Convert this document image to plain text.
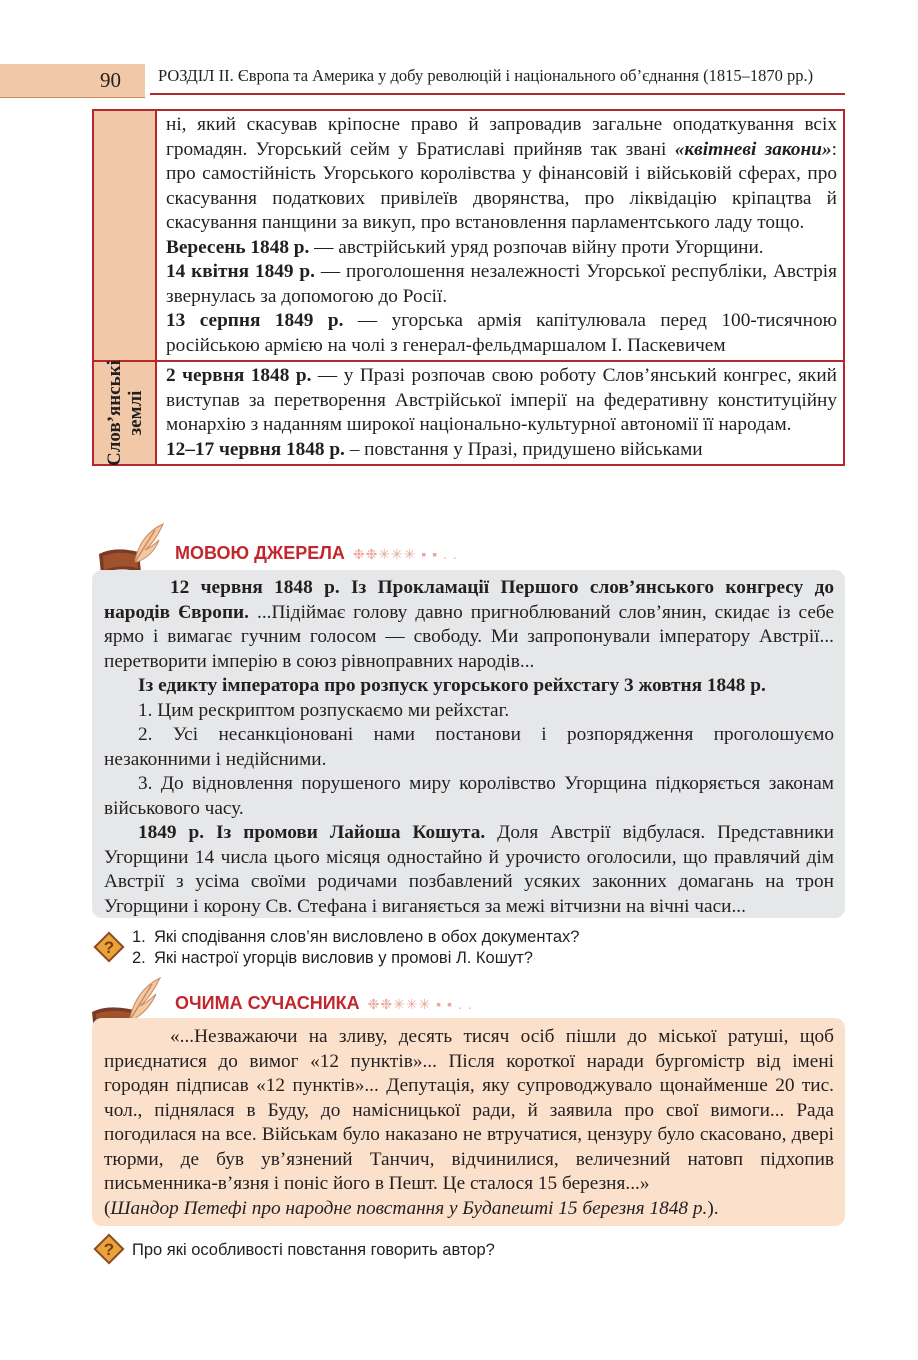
90 РОЗДІЛ ІІ. Європа та Америка у добу революцій і національного об’єднання (1815–1870 рр.)

ні, який скасував кріпосне право й запровадив загальне оподаткування всіх громадян. Угорський сейм у Братиславі прийняв так звані «квітневі закони»: про самостійність Угорського королівства у фінансовій і військовій сферах, про скасування податкових привілеїв дворянства, про ліквідацію кріпацтва й скасування панщини за викуп, про встановлення парламентського ладу тощо.

Вересень 1848 р. — австрійський уряд розпочав війну проти Угорщини.

14 квітня 1849 р. — проголошення незалежності Угорської республіки, Австрія звернулась за допомогою до Росії.

13 серпня 1849 р. — угорська армія капітулювала перед 100-тисячною російською армією на чолі з генерал-фельдмаршалом І. Паскевичем

Слов’янські землі

2 червня 1848 р. — у Празі розпочав свою роботу Слов’янський конгрес, який виступав за перетворення Австрійської імперії на федеративну конституційну монархію з наданням широкої національно-культурної автономії її народам.

12–17 червня 1848 р. – повстання у Празі, придушено військами

МОВОЮ ДЖЕРЕЛА ❉❉✳✳✳ ▪ ▪ . .

12 червня 1848 р. Із Прокламації Першого слов’янського конгресу до народів Європи. ...Підіймає голову давно пригноблюваний слов’янин, скидає із себе ярмо і вимагає гучним голосом — свободу. Ми запропонували імператору Австрії... перетворити імперію в союз рівноправних народів...

Із едикту імператора про розпуск угорського рейхстагу 3 жовтня 1848 р.

1. Цим рескриптом розпускаємо ми рейхстаг.

2. Усі несанкціоновані нами постанови і розпорядження проголошуємо незаконними і недійсними.

3. До відновлення порушеного миру королівство Угорщина підкоряється законам військового часу.

1849 р. Із промови Лайоша Кошута. Доля Австрії відбулася. Представники Угорщини 14 числа цього місяця одностайно й урочисто оголосили, що правлячий дім Австрії з усіма своїми родичами позбавлений усяких законних домагань на трон Угорщини і корону Св. Стефана і виганяється за межі вітчизни на вічні часи...

?
1. Які сподівання слов’ян висловлено в обох документах?
2. Які настрої угорців висловив у промові Л. Кошут?
ОЧИМА СУЧАСНИКА ❉❉✳✳✳ ▪ ▪ . .

«...Незважаючи на зливу, десять тисяч осіб пішли до міської ратуші, щоб приєднатися до вимог «12 пунктів»... Після короткої наради бургомістр від імені городян підписав «12 пунктів»... Депутація, яку супроводжувало щонайменше 20 тис. чол., піднялася в Буду, до намісницької ради, й заявила про свої вимоги... Рада погодилася на все. Військам було наказано не втручатися, цензуру було скасовано, двері тюрми, де був ув’язнений Танчич, відчинилися, величезний натовп підхопив письменника-в’язня і поніс його в Пешт. Це сталося 15 березня...»
(Шандор Петефі про народне повстання у Будапешті 15 березня 1848 р.).

? Про які особливості повстання говорить автор?
